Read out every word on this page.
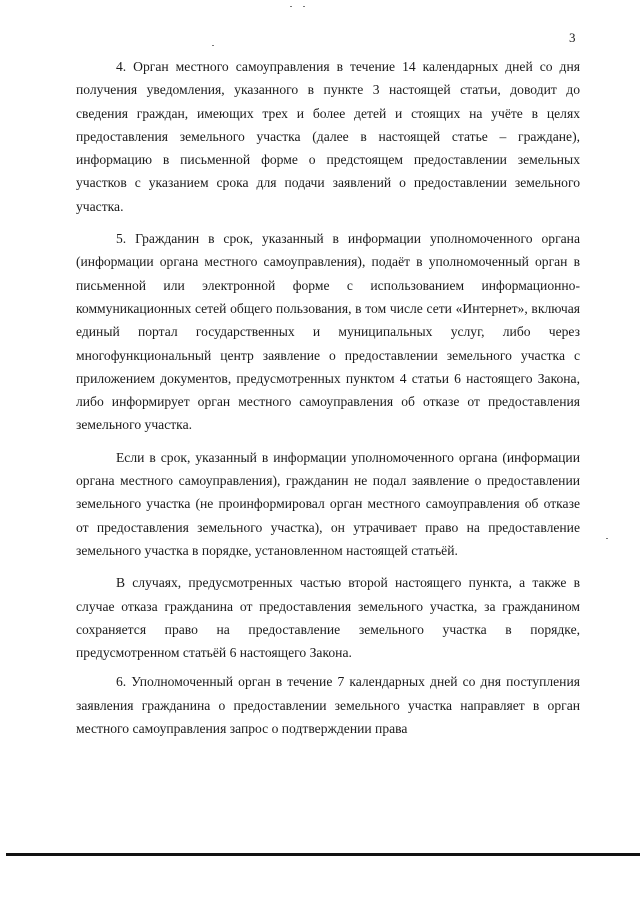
3

4. Орган местного самоуправления в течение 14 календарных дней со дня получения уведомления, указанного в пункте 3 настоящей статьи, доводит до сведения граждан, имеющих трех и более детей и стоящих на учёте в целях предоставления земельного участка (далее в настоящей статье – граждане), информацию в письменной форме о предстоящем предоставлении земельных участков с указанием срока для подачи заявлений о предоставлении земельного участка.

5. Гражданин в срок, указанный в информации уполномоченного органа (информации органа местного самоуправления), подаёт в уполномоченный орган в письменной или электронной форме с использованием информационно-коммуникационных сетей общего пользования, в том числе сети «Интернет», включая единый портал государственных и муниципальных услуг, либо через многофункциональный центр заявление о предоставлении земельного участка с приложением документов, предусмотренных пунктом 4 статьи 6 настоящего Закона, либо информирует орган местного самоуправления об отказе от предоставления земельного участка.

Если в срок, указанный в информации уполномоченного органа (информации органа местного самоуправления), гражданин не подал заявление о предоставлении земельного участка (не проинформировал орган местного самоуправления об отказе от предоставления земельного участка), он утрачивает право на предоставление земельного участка в порядке, установленном настоящей статьёй.

В случаях, предусмотренных частью второй настоящего пункта, а также в случае отказа гражданина от предоставления земельного участка, за гражданином сохраняется право на предоставление земельного участка в порядке, предусмотренном статьёй 6 настоящего Закона.

6. Уполномоченный орган в течение 7 календарных дней со дня поступления заявления гражданина о предоставлении земельного участка направляет в орган местного самоуправления запрос о подтверждении права
